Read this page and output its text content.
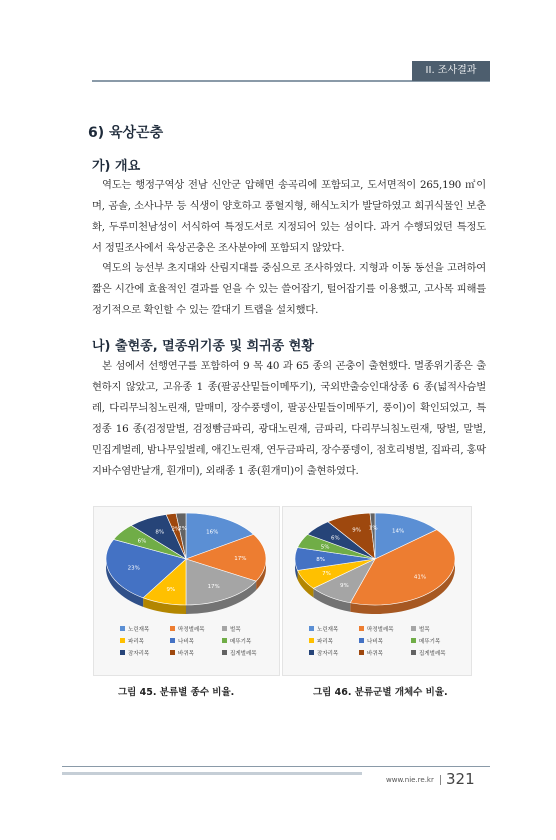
II. 조사결과
6) 육상곤충
가) 개요
역도는 행정구역상 전남 신안군 압해면 송곡리에 포함되고, 도서면적이 265,190 ㎡이며, 곰솔, 소사나무 등 식생이 양호하고 풍혈지형, 해식노치가 발달하였고 희귀식물인 보춘화, 두루미천남성이 서식하여 특정도서로 지정되어 있는 섬이다. 과거 수행되었던 특정도서 정밀조사에서 육상곤충은 조사분야에 포함되지 않았다.
역도의 능선부 초지대와 산림지대를 중심으로 조사하였다. 지형과 이동 동선을 고려하여 짧은 시간에 효율적인 결과를 얻을 수 있는 쓸어잡기, 털어잡기를 이용했고, 고사목 피해를 정기적으로 확인할 수 있는 깔대기 트랩을 설치했다.
나) 출현종, 멸종위기종 및 희귀종 현황
본 섬에서 선행연구를 포함하여 9 목 40 과 65 종의 곤충이 출현했다. 멸종위기종은 출현하지 않았고, 고유종 1 종(팔공산밑들이메뚜기), 국외반출승인대상종 6 종(넓적사슴벌레, 다리무늬침노린재, 말매미, 장수풍뎅이, 팔공산밑들이메뚜기, 풍이)이 확인되었고, 특정종 16 종(검정말벌, 검정빰금파리, 광대노린재, 금파리, 다리무늬침노린재, 땅벌, 말벌, 민집게벌레, 밤나무잎벌레, 애긴노린재, 연두금파리, 장수풍뎅이, 점호리병벌, 집파리, 홍딱지바수염반날개, 흰개미), 외래종 1 종(흰개미)이 출현하였다.
16%
17%
17%
9%
23%
6%
8%
2%
2%
노린재목	딱정벌레목	벌목
파리목	나비목	메뚜기목
잠자리목	바퀴목	집게벌레목
14%
41%
9%
7%
8%
5%
6%
9% 1%
노린재목	딱정벌레목	벌목
파리목	나비목	메뚜기목
잠자리목	바퀴목	집게벌레목
그림 45. 분류별 종수 비율.	그림 46. 분류군별 개체수 비율.
www.nie.re.kr 321
